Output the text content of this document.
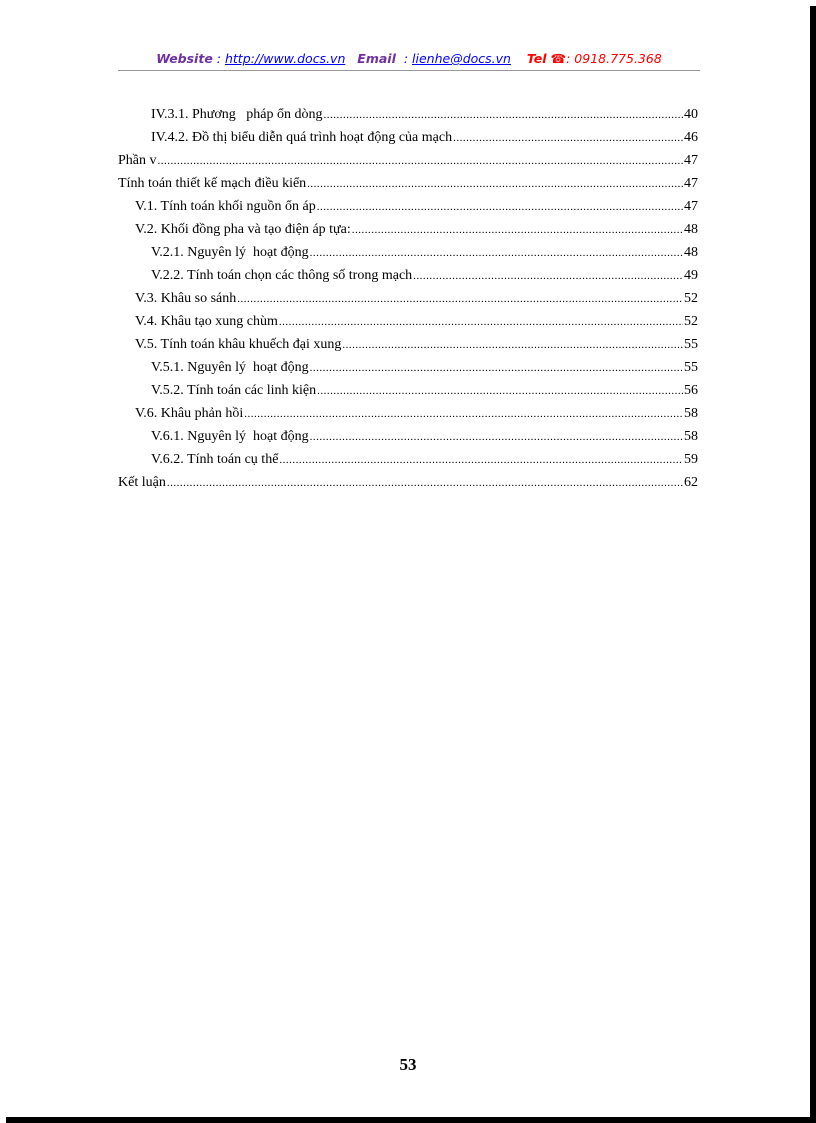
Website : http://www.docs.vn Email  : lienhe@docs.vn Tel ☎: 0918.775.368
IV.3.1. Phương   pháp ổn dòng .....	40
IV.4.2. Đồ thị biểu diễn quá trình hoạt động của mạch .....	46
Phần v .....	47
Tính toán thiết kế mạch điều kiển .....	47
V.1. Tính toán khối nguồn ổn áp .....	47
V.2. Khối đồng pha và tạo điện áp tựa: .....	48
V.2.1. Nguyên lý  hoạt động .....	48
V.2.2. Tính toán chọn các thông số trong mạch .....	49
V.3. Khâu so sánh .....	52
V.4. Khâu tạo xung chùm .....	52
V.5. Tính toán khâu khuếch đại xung .....	55
V.5.1. Nguyên lý  hoạt động .....	55
V.5.2. Tính toán các linh kiện .....	56
V.6. Khâu phản hồi .....	58
V.6.1. Nguyên lý  hoạt động .....	58
V.6.2. Tính toán cụ thể .....	59
Kết luận .....	62
53
